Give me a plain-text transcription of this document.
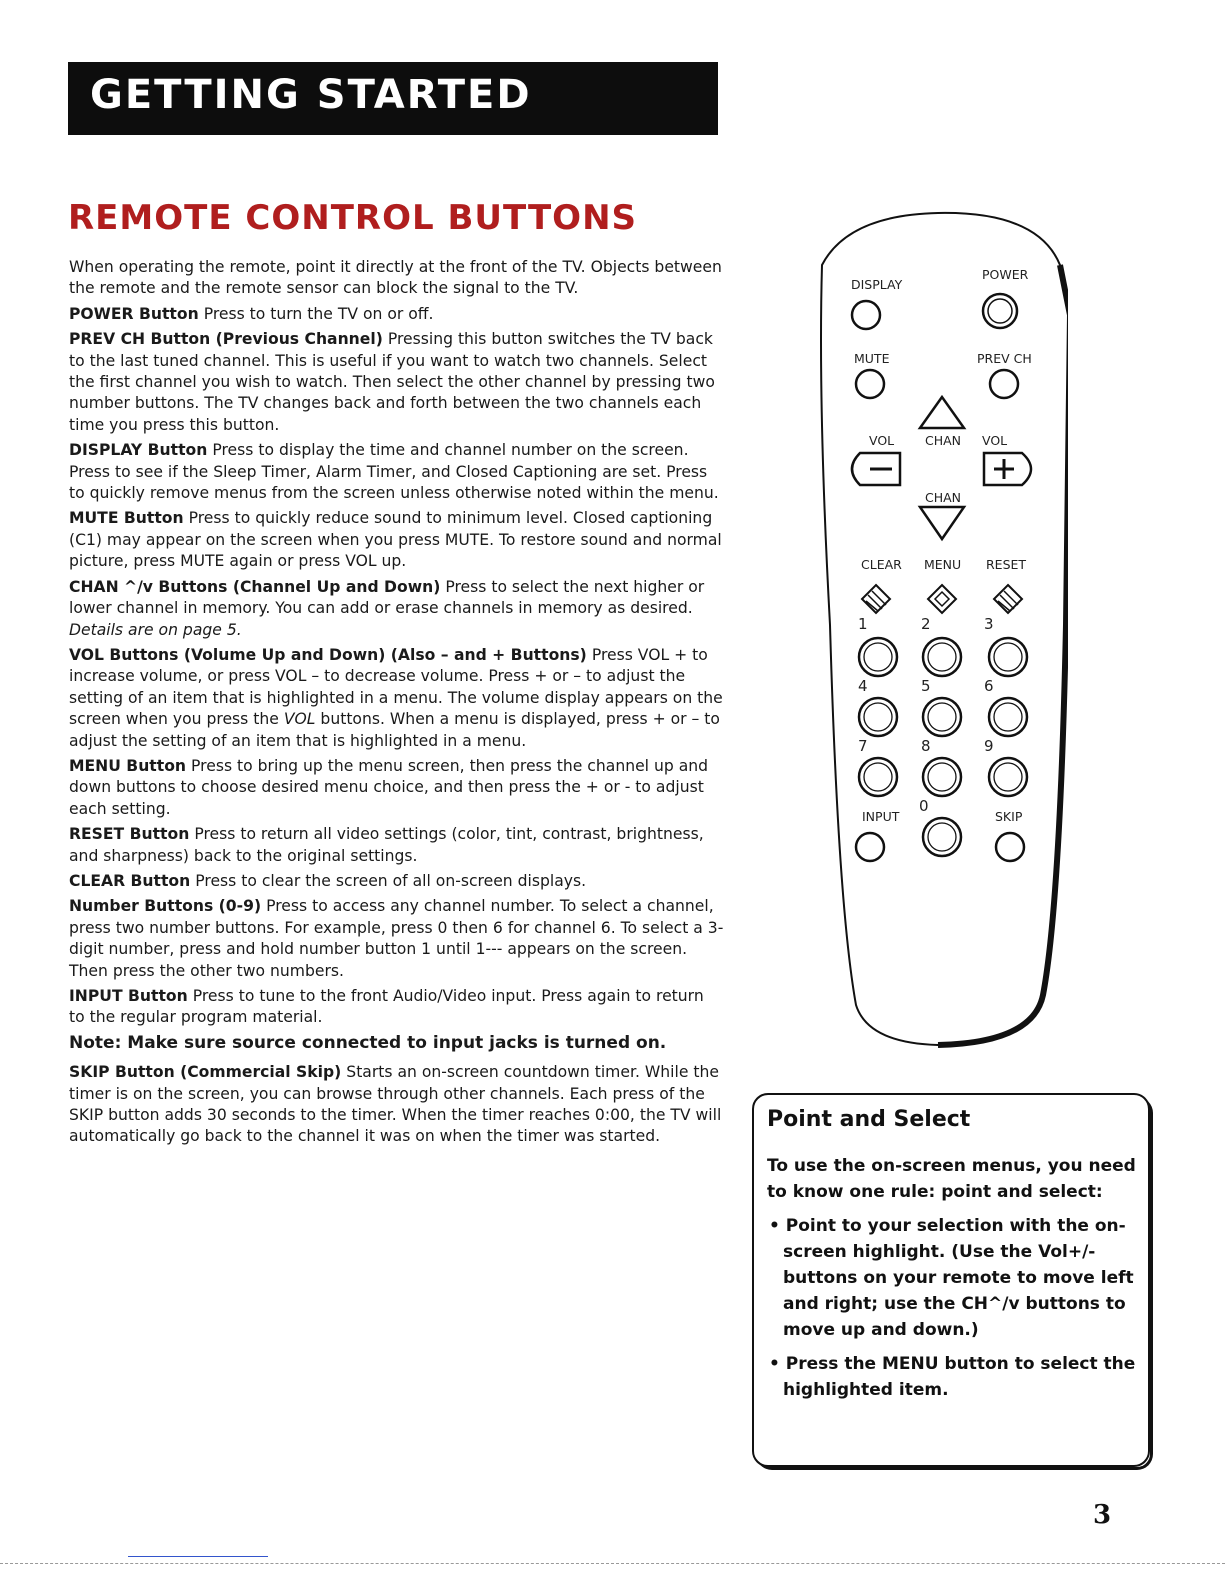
GETTING STARTED
REMOTE CONTROL BUTTONS

When operating the remote, point it directly at the front of the TV. Objects between the remote and the remote sensor can block the signal to the TV.

POWER Button Press to turn the TV on or off.

PREV CH Button (Previous Channel) Pressing this button switches the TV back to the last tuned channel. This is useful if you want to watch two channels. Select the first channel you wish to watch. Then select the other channel by pressing two number buttons. The TV changes back and forth between the two channels each time you press this button.

DISPLAY Button Press to display the time and channel number on the screen. Press to see if the Sleep Timer, Alarm Timer, and Closed Captioning are set. Press to quickly remove menus from the screen unless otherwise noted within the menu.

MUTE Button Press to quickly reduce sound to minimum level. Closed captioning (C1) may appear on the screen when you press MUTE. To restore sound and normal picture, press MUTE again or press VOL up.

CHAN ^/v Buttons (Channel Up and Down) Press to select the next higher or lower channel in memory. You can add or erase channels in memory as desired. Details are on page 5.

VOL Buttons (Volume Up and Down) (Also – and + Buttons) Press VOL + to increase volume, or press VOL – to decrease volume. Press + or – to adjust the setting of an item that is highlighted in a menu. The volume display appears on the screen when you press the VOL buttons. When a menu is displayed, press + or – to adjust the setting of an item that is highlighted in a menu.

MENU Button Press to bring up the menu screen, then press the channel up and down buttons to choose desired menu choice, and then press the + or - to adjust each setting.

RESET Button Press to return all video settings (color, tint, contrast, brightness, and sharpness) back to the original settings.

CLEAR Button Press to clear the screen of all on-screen displays.

Number Buttons (0-9) Press to access any channel number. To select a channel, press two number buttons. For example, press 0 then 6 for channel 6. To select a 3-digit number, press and hold number button 1 until 1--- appears on the screen. Then press the other two numbers.

INPUT Button Press to tune to the front Audio/Video input. Press again to return to the regular program material.

Note: Make sure source connected to input jacks is turned on.

SKIP Button (Commercial Skip) Starts an on-screen countdown timer. While the timer is on the screen, you can browse through other channels. Each press of the SKIP button adds 30 seconds to the timer. When the timer reaches 0:00, the TV will automatically go back to the channel it was on when the timer was started.

DISPLAY
POWER
MUTE	PREV CH
VOL CHAN VOL
CHAN
CLEAR MENU RESET
1	2	3
4	5	6
7	8	9
0
INPUT	SKIP
Point and Select

To use the on-screen menus, you need to know one rule: point and select:

• Point to your selection with the on-screen highlight. (Use the Vol+/- buttons on your remote to move left and right; use the CH^/v buttons to move up and down.)

• Press the MENU button to select the highlighted item.

3
